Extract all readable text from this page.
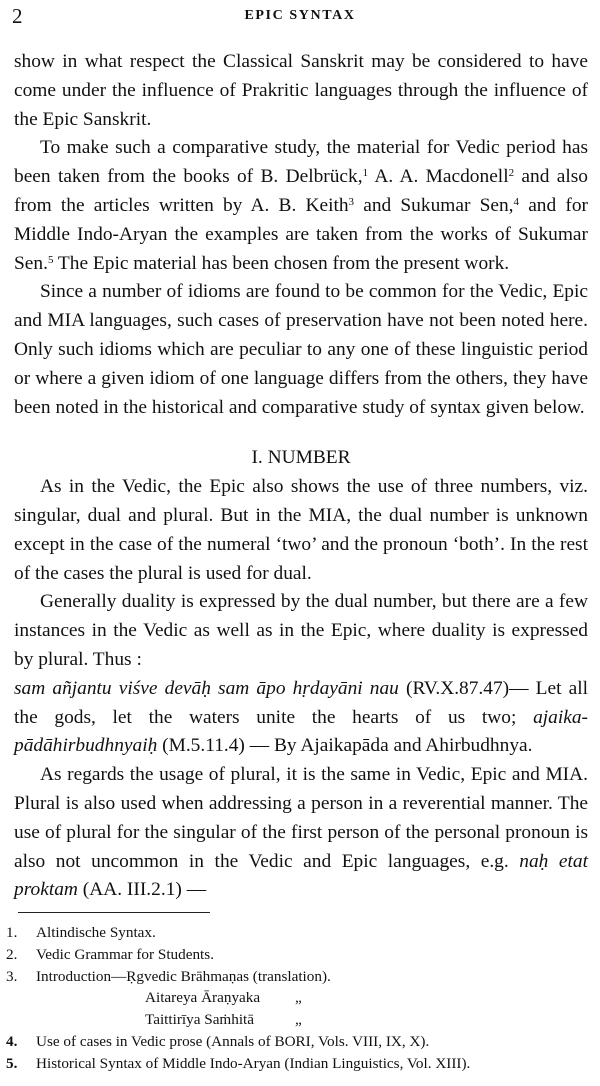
2	EPIC SYNTAX

show in what respect the Classical Sanskrit may be considered to have come under the influence of Prakritic languages through the influence of the Epic Sanskrit.

To make such a comparative study, the material for Vedic period has been taken from the books of B. Delbrück,$^1$ A. A. Macdonell$^2$ and also from the articles written by A. B. Keith$^3$ and Sukumar Sen,$^4$ and for Middle Indo-Aryan the examples are taken from the works of Sukumar Sen.$^5$ The Epic material has been chosen from the present work.

Since a number of idioms are found to be common for the Vedic, Epic and MIA languages, such cases of preservation have not been noted here. Only such idioms which are peculiar to any one of these linguistic period or where a given idiom of one language differs from the others, they have been noted in the historical and comparative study of syntax given below.

I. NUMBER

As in the Vedic, the Epic also shows the use of three numbers, viz. singular, dual and plural. But in the MIA, the dual number is unknown except in the case of the numeral ‘two’ and the pronoun ‘both’. In the rest of the cases the plural is used for dual.

Generally duality is expressed by the dual number, but there are a few instances in the Vedic as well as in the Epic, where duality is expressed by plural. Thus :

sam añjantu viśve devāḥ sam āpo hṛdayāni nau (RV.X.87.47)— Let all the gods, let the waters unite the hearts of us two; ajaika-pādāhirbudhnyaiḥ (M.5.11.4) — By Ajaikapāda and Ahirbudhnya.

As regards the usage of plural, it is the same in Vedic, Epic and MIA. Plural is also used when addressing a person in a reverential manner. The use of plural for the singular of the first person of the personal pronoun is also not uncommon in the Vedic and Epic languages, e.g. naḥ etat proktam (AA. III.2.1) —

1.	Altindische Syntax.
2.	Vedic Grammar for Students.
3.	Introduction—Ṛgvedic Brāhmaṇas (translation).
Aitareya Āraṇyaka „
Taittirīya Saṁhitā	„
4.	Use of cases in Vedic prose (Annals of BORI, Vols. VIII, IX, X).
5.	Historical Syntax of Middle Indo-Aryan (Indian Linguistics, Vol. XIII).
